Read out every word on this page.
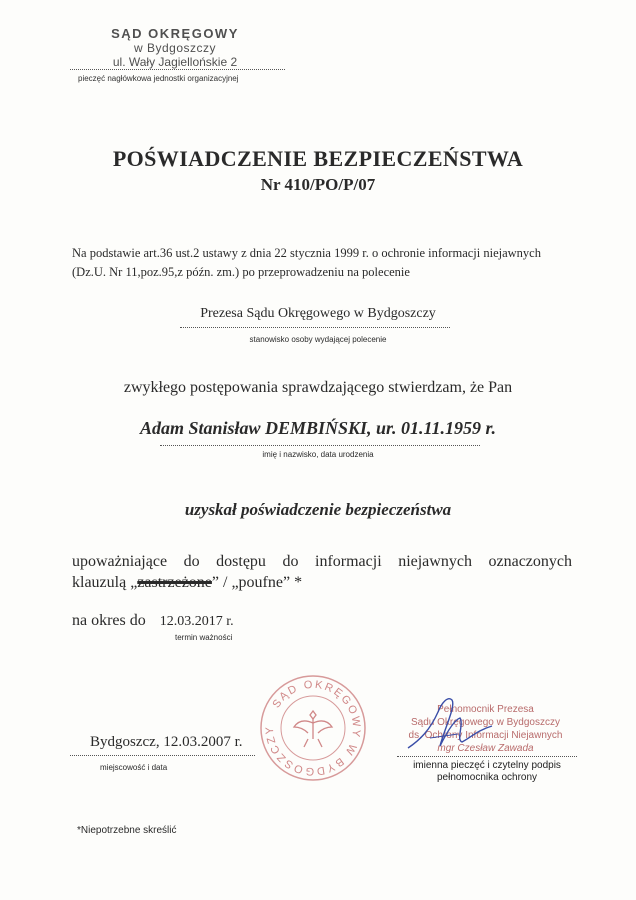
SĄD OKRĘGOWY
w Bydgoszczy
ul. Wały Jagiellońskie 2
pieczęć nagłówkowa jednostki organizacyjnej
POŚWIADCZENIE BEZPIECZEŃSTWA
Nr 410/PO/P/07
Na podstawie art.36 ust.2 ustawy z dnia 22 stycznia 1999 r. o ochronie informacji niejawnych
(Dz.U. Nr 11,poz.95,z późn. zm.) po przeprowadzeniu na polecenie
Prezesa Sądu Okręgowego w Bydgoszczy
stanowisko osoby wydającej polecenie
zwykłego postępowania sprawdzającego stwierdzam, że Pan
Adam Stanisław DEMBIŃSKI, ur. 01.11.1959 r.
imię i nazwisko, data urodzenia
uzyskał poświadczenie bezpieczeństwa
upoważniające do dostępu do informacji niejawnych oznaczonych
klauzulą „zastrzeżone” / „poufne” *
na okres do 12.03.2017 r.
termin ważności
Bydgoszcz, 12.03.2007 r.
miejscowość i data
SĄD OKRĘGOWY W BYDGOSZCZY
Pełnomocnik Prezesa
Sądu Okręgowego w Bydgoszczy
ds. Ochrony Informacji Niejawnych
mgr Czesław Zawada
imienna pieczęć i czytelny podpis
pełnomocnika ochrony
*Niepotrzebne skreślić
